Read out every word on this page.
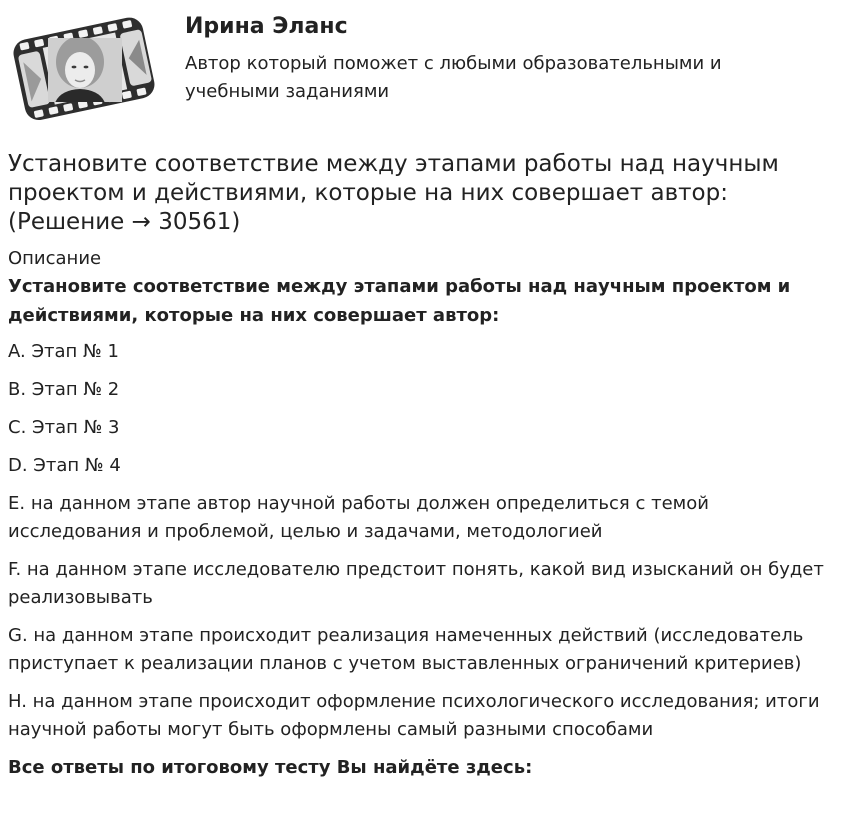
Ирина Эланс
Автор который поможет с любыми образовательными и учебными заданиями
Установите соответствие между этапами работы над научным проектом и действиями, которые на них совершает автор: (Решение → 30561)

Описание

Установите соответствие между этапами работы над научным проектом и действиями, которые на них совершает автор:

A. Этап № 1

B. Этап № 2

C. Этап № 3

D. Этап № 4

E. на данном этапе автор научной работы должен определиться с темой исследования и проблемой, целью и задачами, методологией

F. на данном этапе исследователю предстоит понять, какой вид изысканий он будет реализовывать

G. на данном этапе происходит реализация намеченных действий (исследователь приступает к реализации планов с учетом выставленных ограничений критериев)

H. на данном этапе происходит оформление психологического исследования; итоги научной работы могут быть оформлены самый разными способами

Все ответы по итоговому тесту Вы найдёте здесь:
